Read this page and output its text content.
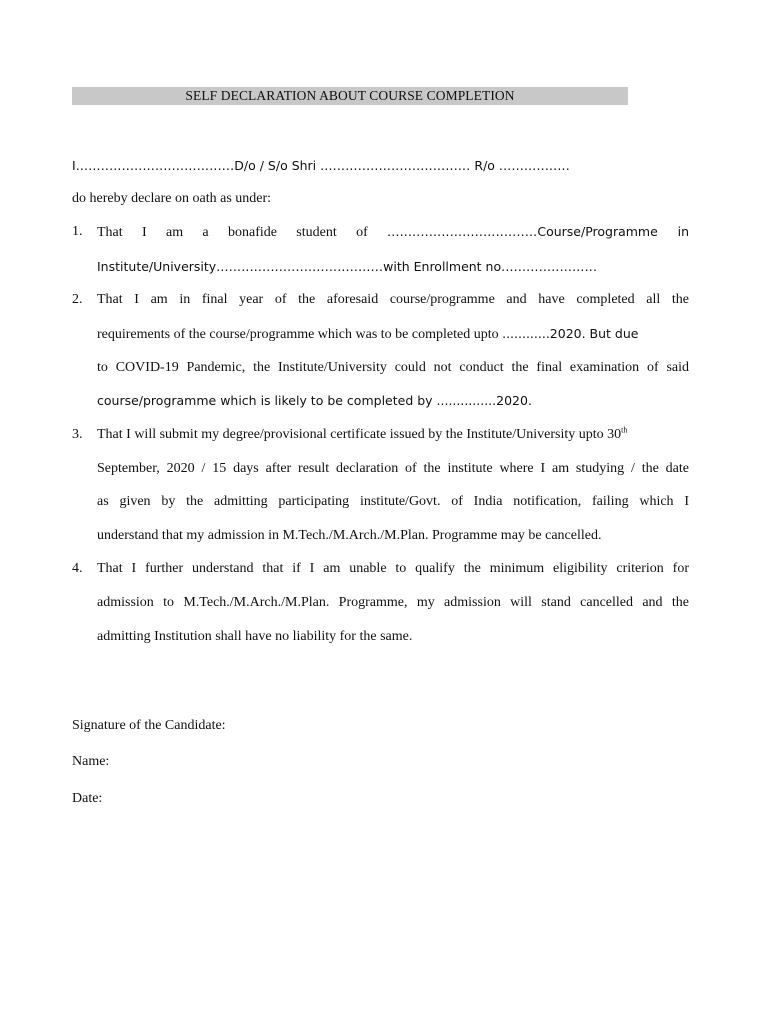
SELF DECLARATION ABOUT COURSE COMPLETION
I......................................D/o / S/o Shri .................................... R/o .................
do hereby declare on oath as under:
1. That I am a bonafide student of ....................................Course/Programme in
Institute/University........................................with Enrollment no.......................
2. That I am in final year of the aforesaid course/programme and have completed all the
requirements of the course/programme which was to be completed upto ............2020. But due
to COVID-19 Pandemic, the Institute/University could not conduct the final examination of said
course/programme which is likely to be completed by ...............2020.
3. That I will submit my degree/provisional certificate issued by the Institute/University upto 30th
September, 2020 / 15 days after result declaration of the institute where I am studying / the date
as given by the admitting participating institute/Govt. of India notification, failing which I
understand that my admission in M.Tech./M.Arch./M.Plan. Programme may be cancelled.
4. That I further understand that if I am unable to qualify the minimum eligibility criterion for
admission to M.Tech./M.Arch./M.Plan. Programme, my admission will stand cancelled and the
admitting Institution shall have no liability for the same.
Signature of the Candidate:
Name:
Date:
